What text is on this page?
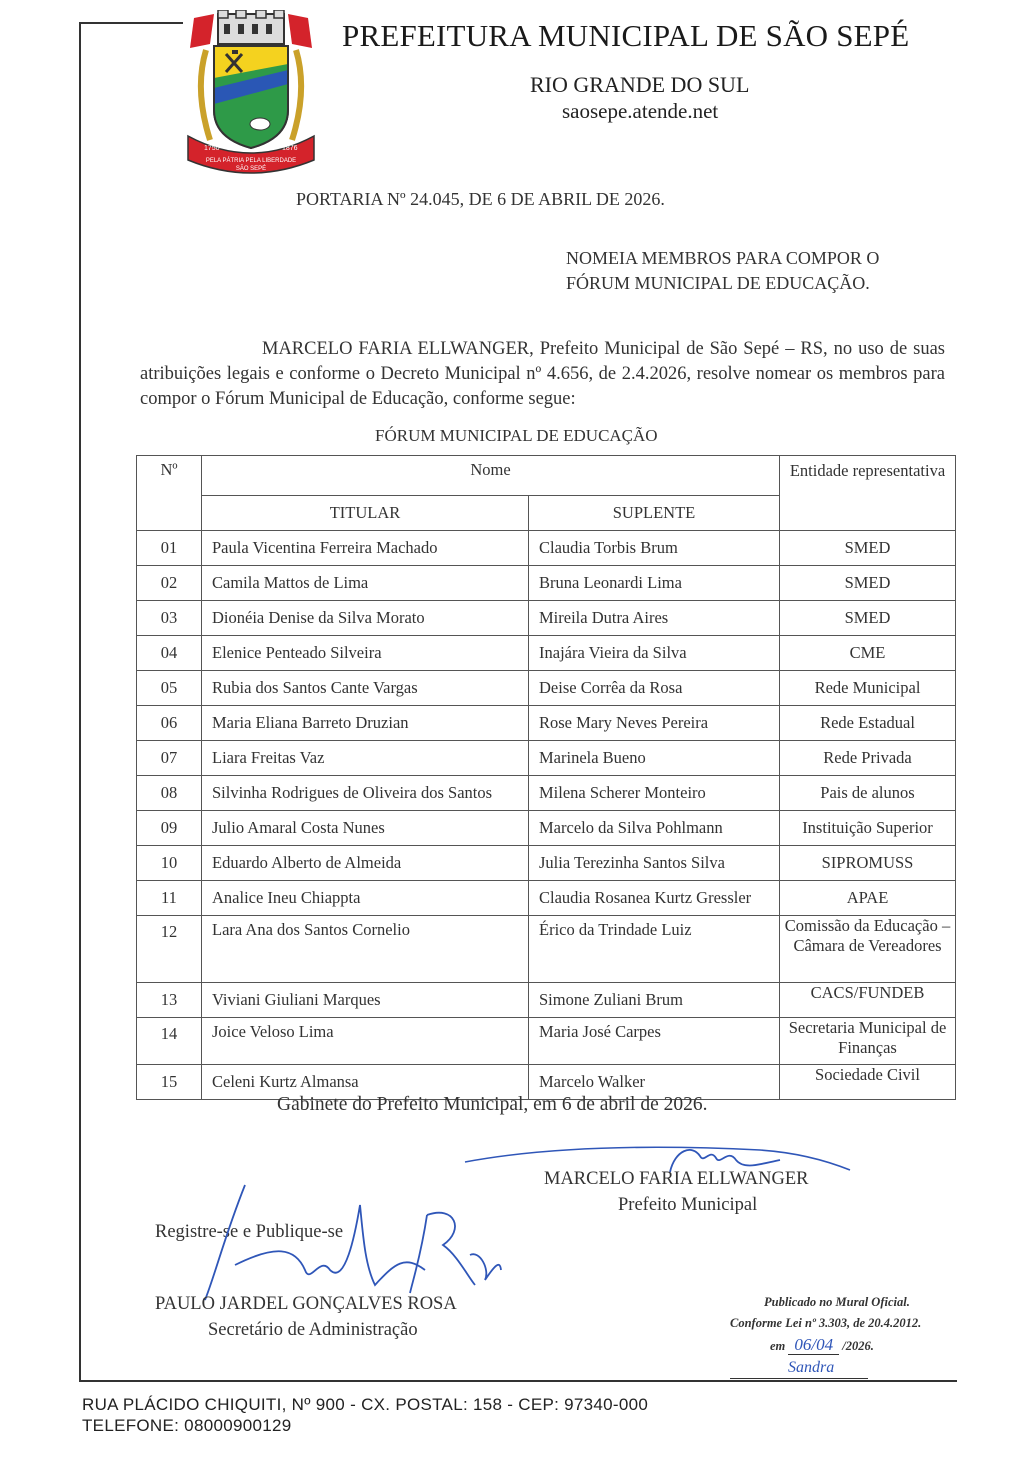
1750	1876
PELA PÁTRIA PELA LIBERDADE
SÃO SEPÉ
PREFEITURA MUNICIPAL DE SÃO SEPÉ
RIO GRANDE DO SUL
saosepe.atende.net
PORTARIA Nº 24.045, DE 6 DE ABRIL DE 2026.
NOMEIA MEMBROS PARA COMPOR O
FÓRUM MUNICIPAL DE EDUCAÇÃO.
MARCELO FARIA ELLWANGER, Prefeito Municipal de São Sepé – RS, no uso de suas atribuições legais e conforme o Decreto Municipal nº 4.656, de 2.4.2026, resolve nomear os membros para compor o Fórum Municipal de Educação, conforme segue:
FÓRUM MUNICIPAL DE EDUCAÇÃO
Nº	Nome		Entidade representativa
	TITULAR	SUPLENTE	
01	Paula Vicentina Ferreira Machado	Claudia Torbis Brum	SMED
02	Camila Mattos de Lima	Bruna Leonardi Lima	SMED
03	Dionéia Denise da Silva Morato	Mireila Dutra Aires	SMED
04	Elenice Penteado Silveira	Inajára Vieira da Silva	CME
05	Rubia dos Santos Cante Vargas	Deise Corrêa da Rosa	Rede Municipal
06	Maria Eliana Barreto Druzian	Rose Mary Neves Pereira	Rede Estadual
07	Liara Freitas Vaz	Marinela Bueno	Rede Privada
08	Silvinha Rodrigues de Oliveira dos Santos	Milena Scherer Monteiro	Pais de alunos
09	Julio Amaral Costa Nunes	Marcelo da Silva Pohlmann	Instituição Superior
10	Eduardo Alberto de Almeida	Julia Terezinha Santos Silva	SIPROMUSS
11	Analice Ineu Chiappta	Claudia Rosanea Kurtz Gressler	APAE
12	Lara Ana dos Santos Cornelio	Érico da Trindade Luiz	Comissão da Educação – Câmara de Vereadores
13	Viviani Giuliani Marques	Simone Zuliani Brum	CACS/FUNDEB
14	Joice Veloso Lima	Maria José Carpes	Secretaria Municipal de Finanças
15	Celeni Kurtz Almansa	Marcelo Walker	Sociedade Civil
Gabinete do Prefeito Municipal, em 6 de abril de 2026.
MARCELO FARIA ELLWANGER
Prefeito Municipal
Registre-se e Publique-se
PAULO JARDEL GONÇALVES ROSA
Secretário de Administração
Publicado no Mural Oficial.
Conforme Lei nº 3.303, de 20.4.2012.
em 06/04 /2026.
Sandra
RUA PLÁCIDO CHIQUITI, Nº 900 - CX. POSTAL: 158 - CEP: 97340-000
TELEFONE: 08000900129
